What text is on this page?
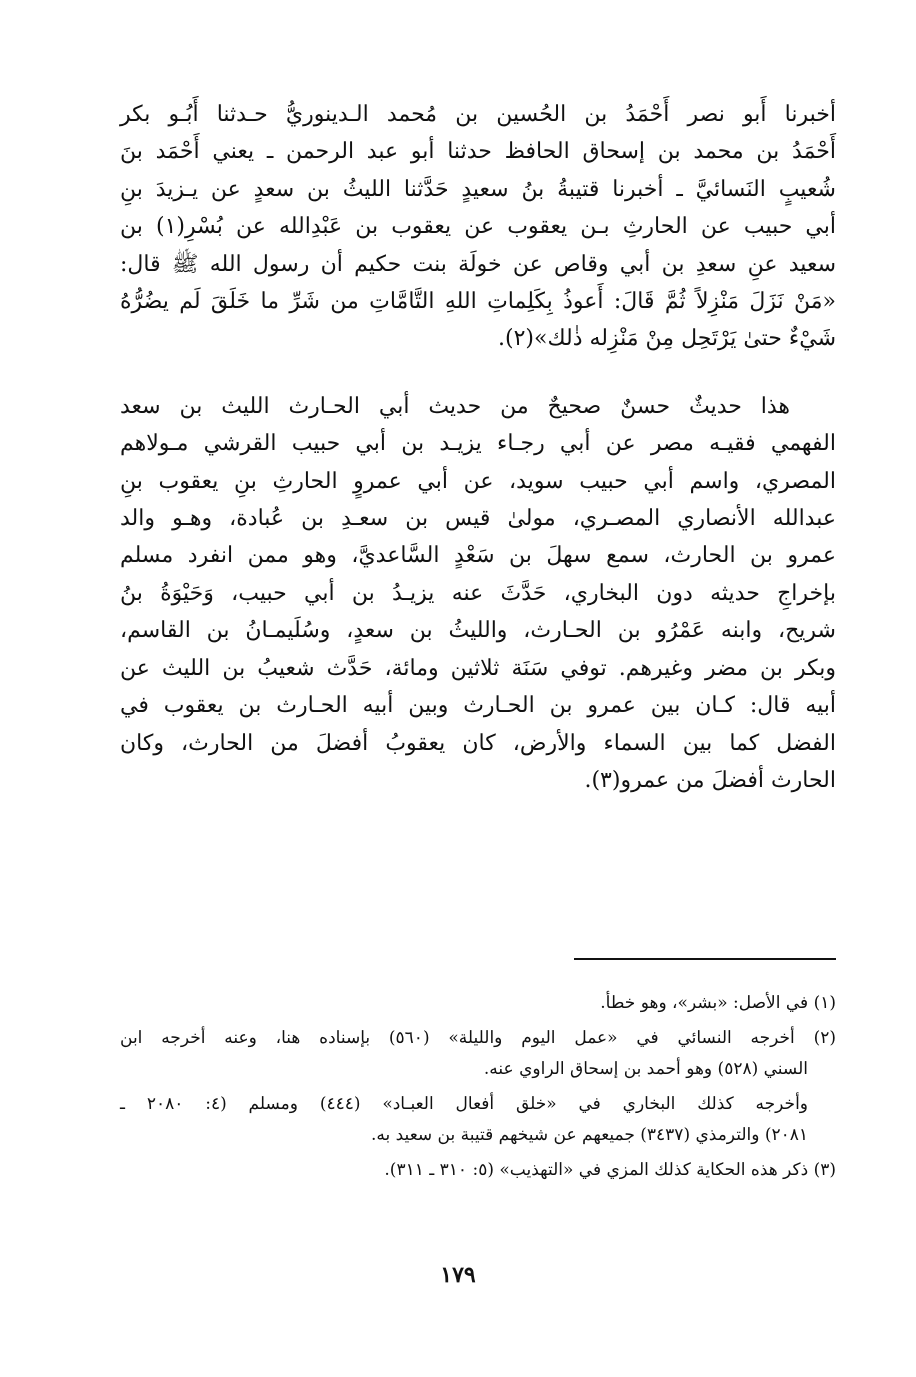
أخبرنا أَبو نصر أَحْمَدُ بن الحُسين بن مُحمد الـدينوريُّ حـدثنا أَبُـو بكر
أَحْمَدُ بن محمد بن إسحاق الحافظ حدثنا أبو عبد الرحمن ـ يعني أَحْمَد بنَ
شُعيبٍ النَسائيَّ ـ أخبرنا قتيبةُ بنُ سعيدٍ حَدَّثنا الليثُ بن سعدٍ عن يـزيدَ بنِ
أبي حبيب عن الحارثِ بـن يعقوب عن يعقوب بن عَبْدِالله عن بُسْرِ(١) بن
سعيد عنِ سعدِ بن أبي وقاص عن خولَة بنت حكيم أن رسول الله ﷺ قال:
«مَنْ نَزَلَ مَنْزِلاً ثُمَّ قَالَ: أَعوذُ بِكَلِماتِ اللهِ التَّامَّاتِ من شَرِّ ما خَلَقَ لَم يضُرُّهُ
شَيْءٌ حتىٰ يَرْتَحِل مِنْ مَنْزِله ذٰلك»(٢).

هذا حديثٌ حسنٌ صحيحٌ من حديث أبي الحـارث الليث بن سعد
الفهمي فقيـه مصر عن أبي رجـاء يزيـد بن أبي حبيب القرشي مـولاهم
المصري، واسم أبي حبيب سويد، عن أبي عمروٍ الحارثِ بنِ يعقوب بنِ
عبدالله الأنصاري المصـري، مولىٰ قيس بن سعـدِ بن عُبادة، وهـو والد
عمرو بن الحارث، سمع سهلَ بن سَعْدٍ السَّاعديَّ، وهو ممن انفرد مسلم
بإخراجِ حديثه دون البخاري، حَدَّثَ عنه يزيـدُ بن أبي حبيب، وَحَيْوَةُ بنُ
شريح، وابنه عَمْرُو بن الحـارث، والليثُ بن سعدٍ، وسُلَيمـانُ بن القاسم،
وبكر بن مضر وغيرهم. توفي سَنَة ثلاثين ومائة، حَدَّث شعيبُ بن الليث عن
أبيه قال: كـان بين عمرو بن الحـارث وبين أبيه الحـارث بن يعقوب في
الفضل كما بين السماء والأرض، كان يعقوبُ أفضلَ من الحارث، وكان
الحارث أفضلَ من عمرو(٣).

(١) في الأصل: «بشر»، وهو خطأ.

(٢) أخرجه النسائي في «عمل اليوم والليلة» (٥٦٠) بإسناده هنا، وعنه أخرجه ابن
السني (٥٢٨) وهو أحمد بن إسحاق الراوي عنه.

وأخرجه كذلك البخاري في «خلق أفعال العبـاد» (٤٤٤) ومسلم (٤: ٢٠٨٠ ـ
٢٠٨١) والترمذي (٣٤٣٧) جميعهم عن شيخهم قتيبة بن سعيد به.

(٣) ذكر هذه الحكاية كذلك المزي في «التهذيب» (٥: ٣١٠ ـ ٣١١).

١٧٩
